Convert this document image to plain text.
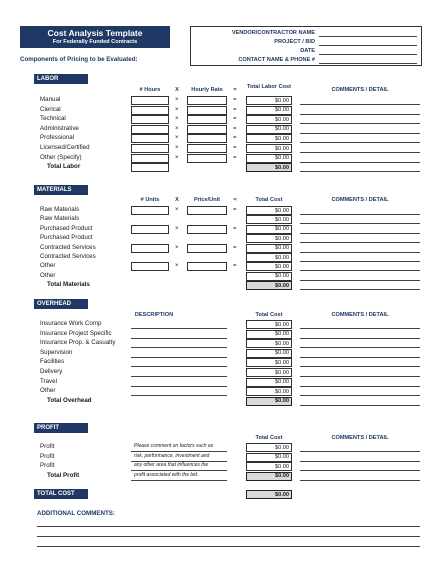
Cost Analysis Template
For Federally Funded Contracts
VENDOR/CONTRACTOR NAME
PROJECT / BID
DATE
CONTACT NAME & PHONE #
Components of Pricing to be Evaluated:
LABOR
# Hours	X	Hourly Rate	=	Total Labor Cost	COMMENTS / DETAIL
Manual	×	=	$0.00
Clerical	×	=	$0.00
Technical	×	=	$0.00
Administrative	×	=	$0.00
Professional	×	=	$0.00
Licensed/Certified	×	=	$0.00
Other (Specify)	×	=	$0.00
Total Labor	$0.00
MATERIALS
# Units	X	Price/Unit	=	Total Cost	COMMENTS / DETAIL
Raw Materials	×	=	$0.00
Raw Materials	$0.00
Purchased Product	×	=	$0.00
Purchased Product	$0.00
Contracted Services	×	=	$0.00
Contracted Services	$0.00
Other	×	=	$0.00
Other	$0.00
Total Materials	$0.00
OVERHEAD
DESCRIPTION	Total Cost	COMMENTS / DETAIL
Insurance Work Comp	$0.00
Insurance Project Specific	$0.00
Insurance Prop. & Casualty	$0.00
Supervision	$0.00
Facilities	$0.00
Delivery	$0.00
Travel	$0.00
Other	$0.00
Total Overhead	$0.00
PROFIT
Total Cost	COMMENTS / DETAIL
Profit	$0.00
Profit	$0.00
Profit	$0.00
Please comment on factors such as
risk, performance, investment and
any other area that influences the
profit associated with the bid.
Total Profit	$0.00
TOTAL COST	$0.00
ADDITIONAL COMMENTS:
